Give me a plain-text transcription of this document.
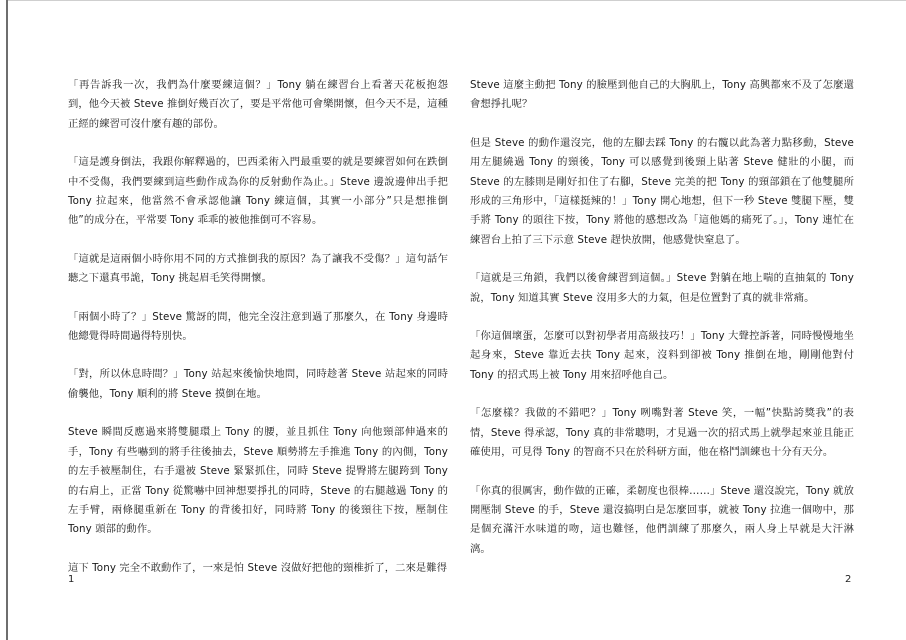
「再告訴我一次，我們為什麼要練這個？」Tony 躺在練習台上看著天花板抱怨到，他今天被 Steve 推倒好幾百次了，要是平常他可會樂開懷，但今天不是，這種正經的練習可沒什麼有趣的部份。

「這是護身倒法，我跟你解釋過的，巴西柔術入門最重要的就是要練習如何在跌倒中不受傷，我們要練到這些動作成為你的反射動作為止。」Steve 邊說邊伸出手把 Tony 拉起來，他當然不會承認他讓 Tony 練這個，其實一小部分”只是想推倒他”的成分在，平常要 Tony 乖乖的被他推倒可不容易。

「這就是這兩個小時你用不同的方式推倒我的原因？為了讓我不受傷？」這句話乍聽之下還真弔詭，Tony 挑起眉毛笑得開懷。

「兩個小時了？」Steve 驚訝的問，他完全沒注意到過了那麼久，在 Tony 身邊時他總覺得時間過得特別快。

「對，所以休息時間？」Tony 站起來後愉快地問，同時趁著 Steve 站起來的同時偷襲他，Tony 順利的將 Steve 摸倒在地。

Steve 瞬間反應過來將雙腿環上 Tony 的腰，並且抓住 Tony 向他頸部伸過來的手，Tony 有些嚇到的將手往後抽去，Steve 順勢將左手推進 Tony 的內側，Tony 的左手被壓制住，右手還被 Steve 緊緊抓住，同時 Steve 提臀將左腿跨到 Tony 的右肩上，正當 Tony 從驚嚇中回神想要掙扎的同時，Steve 的右腿越過 Tony 的左手臂，兩條腿重新在 Tony 的背後扣好，同時將 Tony 的後頸往下按，壓制住 Tony 頭部的動作。

這下 Tony 完全不敢動作了，一來是怕 Steve 沒做好把他的頸椎折了，二來是難得

1

Steve 這麼主動把 Tony 的臉壓到他自己的大胸肌上，Tony 高興都來不及了怎麼還會想掙扎呢？

但是 Steve 的動作還沒完，他的左腳去踩 Tony 的右髖以此為著力點移動，Steve 用左腿繞過 Tony 的頸後，Tony 可以感覺到後頸上貼著 Steve 健壯的小腿，而 Steve 的左膝則是剛好扣住了右腳，Steve 完美的把 Tony 的頸部鎖在了他雙腿所形成的三角形中，「這樣挺辣的！」Tony 開心地想，但下一秒 Steve 雙腿下壓，雙手將 Tony 的頭往下按，Tony 將他的感想改為「這他媽的痛死了。」，Tony 連忙在練習台上拍了三下示意 Steve 趕快放開，他感覺快窒息了。

「這就是三角鎖，我們以後會練習到這個。」Steve 對躺在地上喘的直抽氣的 Tony 說，Tony 知道其實 Steve 沒用多大的力氣，但是位置對了真的就非常痛。

「你這個壞蛋，怎麼可以對初學者用高級技巧！」Tony 大聲控訴著，同時慢慢地坐起身來，Steve 靠近去扶 Tony 起來，沒料到卻被 Tony 推倒在地，剛剛他對付 Tony 的招式馬上被 Tony 用來招呼他自己。

「怎麼樣？我做的不錯吧？」Tony 咧嘴對著 Steve 笑，一幅”快點誇獎我”的表情，Steve 得承認，Tony 真的非常聰明，才見過一次的招式馬上就學起來並且能正確使用，可見得 Tony 的智商不只在於科研方面，他在格鬥訓練也十分有天分。

「你真的很厲害，動作做的正確，柔韌度也很棒……」Steve 還沒說完，Tony 就放開壓制 Steve 的手，Steve 還沒搞明白是怎麼回事，就被 Tony 拉進一個吻中，那是個充滿汗水味道的吻，這也難怪，他們訓練了那麼久，兩人身上早就是大汗淋漓。

2
